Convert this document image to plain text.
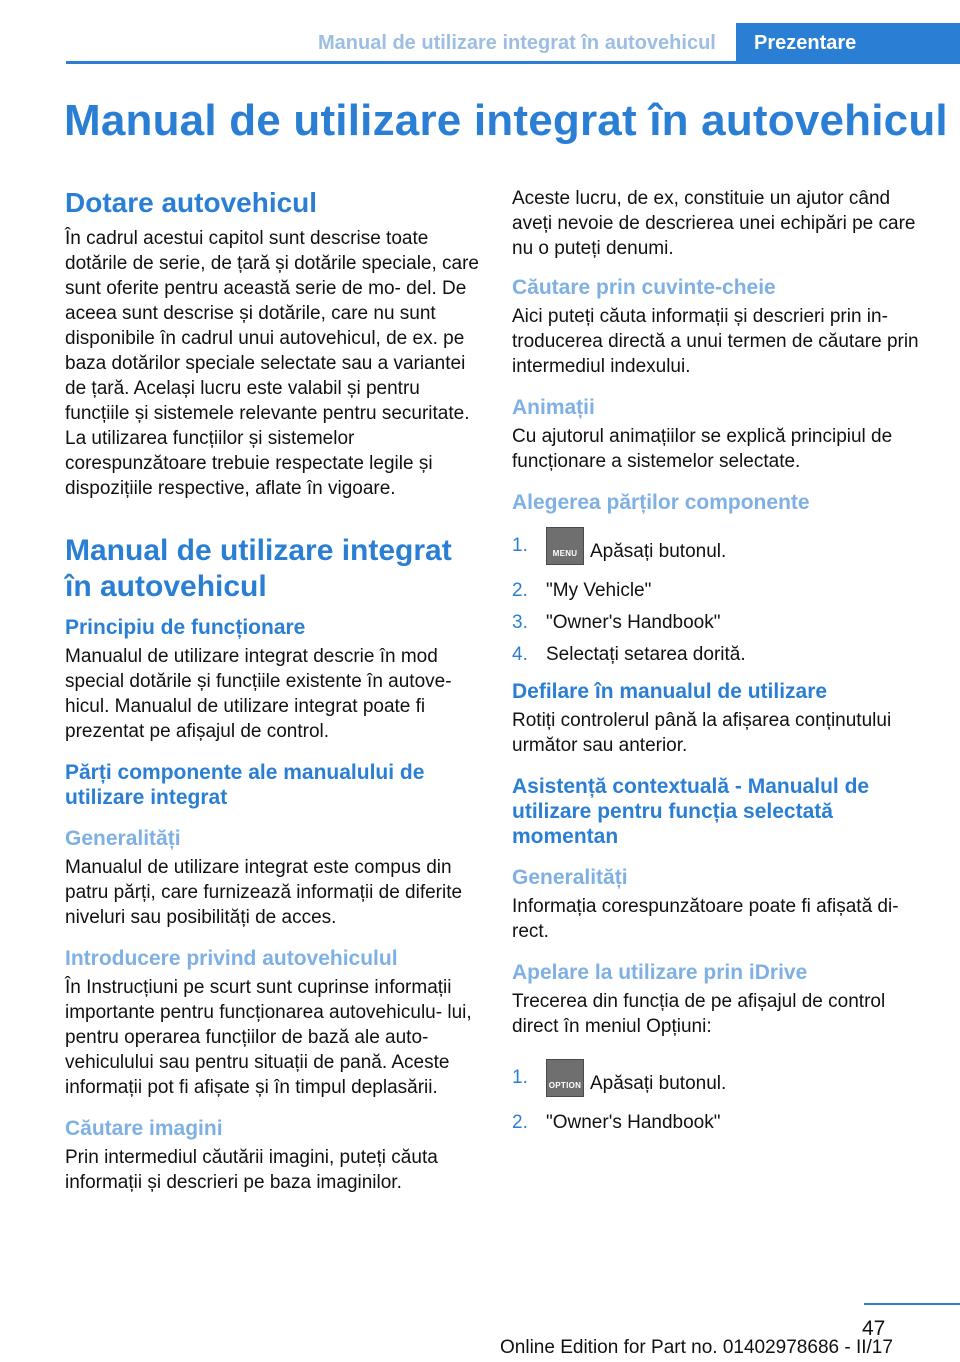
Manual de utilizare integrat în autovehicul Prezentare
Manual de utilizare integrat în autovehicul
Dotare autovehicul
În cadrul acestui capitol sunt descrise toate dotările de serie, de țară și dotările speciale, care sunt oferite pentru această serie de mo‐ del. De aceea sunt descrise și dotările, care nu sunt disponibile în cadrul unui autovehicul, de ex. pe baza dotărilor speciale selectate sau a variantei de țară. Același lucru este valabil și pentru funcțiile și sistemele relevante pentru securitate. La utilizarea funcțiilor și sistemelor corespunzătoare trebuie respectate legile și dispozițiile respective, aflate în vigoare.
Manual de utilizare integrat în autovehicul
Principiu de funcționare
Manualul de utilizare integrat descrie în mod special dotările și funcțiile existente în autove‐ hicul. Manualul de utilizare integrat poate fi prezentat pe afișajul de control.
Părți componente ale manualului de utilizare integrat
Generalități
Manualul de utilizare integrat este compus din patru părți, care furnizează informații de diferite niveluri sau posibilități de acces.
Introducere privind autovehiculul
În Instrucțiuni pe scurt sunt cuprinse informații importante pentru funcționarea autovehiculu‐ lui, pentru operarea funcțiilor de bază ale auto‐ vehiculului sau pentru situații de pană. Aceste informații pot fi afișate și în timpul deplasării.
Căutare imagini
Prin intermediul căutării imagini, puteți căuta informații și descrieri pe baza imaginilor.
Aceste lucru, de ex, constituie un ajutor când aveți nevoie de descrierea unei echipări pe care nu o puteți denumi.
Căutare prin cuvinte-cheie
Aici puteți căuta informații și descrieri prin in‐ troducerea directă a unui termen de căutare prin intermediul indexului.
Animații
Cu ajutorul animațiilor se explică principiul de funcționare a sistemelor selectate.
Alegerea părților componente
1.	MENU Apăsați butonul.
2. "My Vehicle"
3. "Owner's Handbook"
4. Selectați setarea dorită.
Defilare în manualul de utilizare
Rotiți controlerul până la afișarea conținutului următor sau anterior.
Asistență contextuală - Manualul de utilizare pentru funcția selectată momentan
Generalități
Informația corespunzătoare poate fi afișată di‐ rect.
Apelare la utilizare prin iDrive
Trecerea din funcția de pe afișajul de control direct în meniul Opțiuni:
1.	OPTION Apăsați butonul.
2. "Owner's Handbook"
47
Online Edition for Part no. 01402978686 - II/17
